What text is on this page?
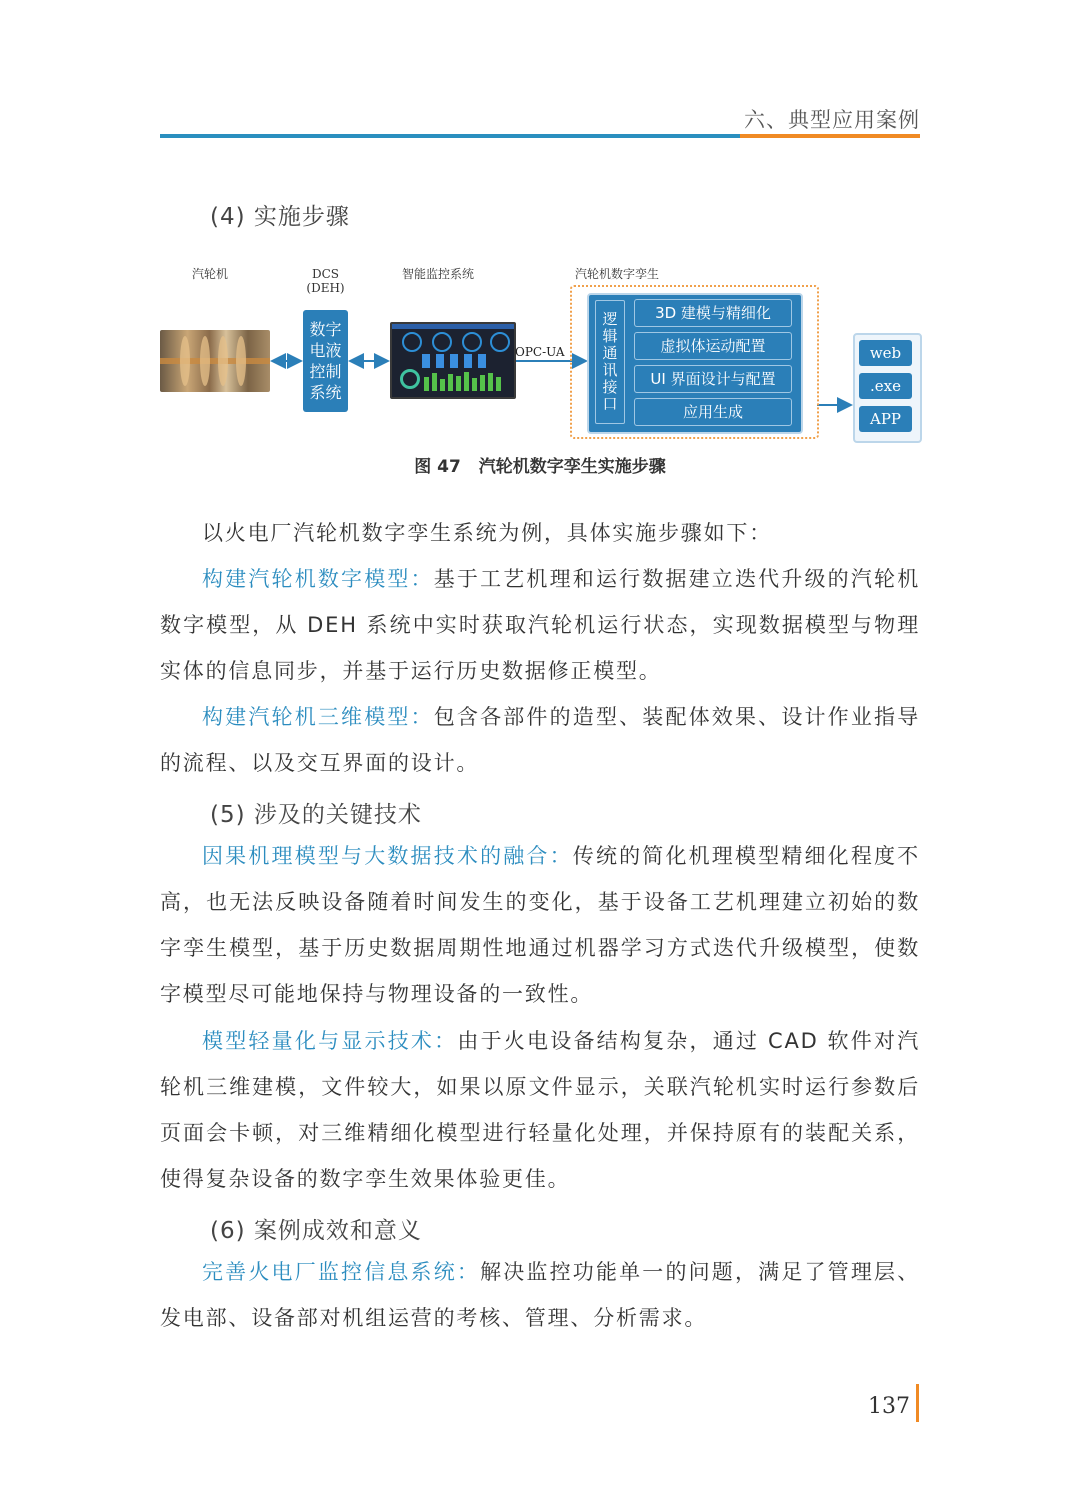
六、典型应用案例
(4) 实施步骤
汽轮机	DCS
(DEH)
智能监控系统	汽轮机数字孪生
数字电液控制系统
OPC-UA
逻辑通讯接口
3D 建模与精细化
虚拟体运动配置
UI 界面设计与配置
应用生成
web
.exe
APP
图 47 汽轮机数字孪生实施步骤
以火电厂汽轮机数字孪生系统为例，具体实施步骤如下：
构建汽轮机数字模型：基于工艺机理和运行数据建立迭代升级的汽轮机数字模型，从 DEH 系统中实时获取汽轮机运行状态，实现数据模型与物理实体的信息同步，并基于运行历史数据修正模型。
构建汽轮机三维模型：包含各部件的造型、装配体效果、设计作业指导的流程、以及交互界面的设计。
(5) 涉及的关键技术
因果机理模型与大数据技术的融合：传统的简化机理模型精细化程度不高，也无法反映设备随着时间发生的变化，基于设备工艺机理建立初始的数字孪生模型，基于历史数据周期性地通过机器学习方式迭代升级模型，使数字模型尽可能地保持与物理设备的一致性。
模型轻量化与显示技术：由于火电设备结构复杂，通过 CAD 软件对汽轮机三维建模，文件较大，如果以原文件显示，关联汽轮机实时运行参数后页面会卡顿，对三维精细化模型进行轻量化处理，并保持原有的装配关系，使得复杂设备的数字孪生效果体验更佳。
(6) 案例成效和意义
完善火电厂监控信息系统：解决监控功能单一的问题，满足了管理层、发电部、设备部对机组运营的考核、管理、分析需求。
137
